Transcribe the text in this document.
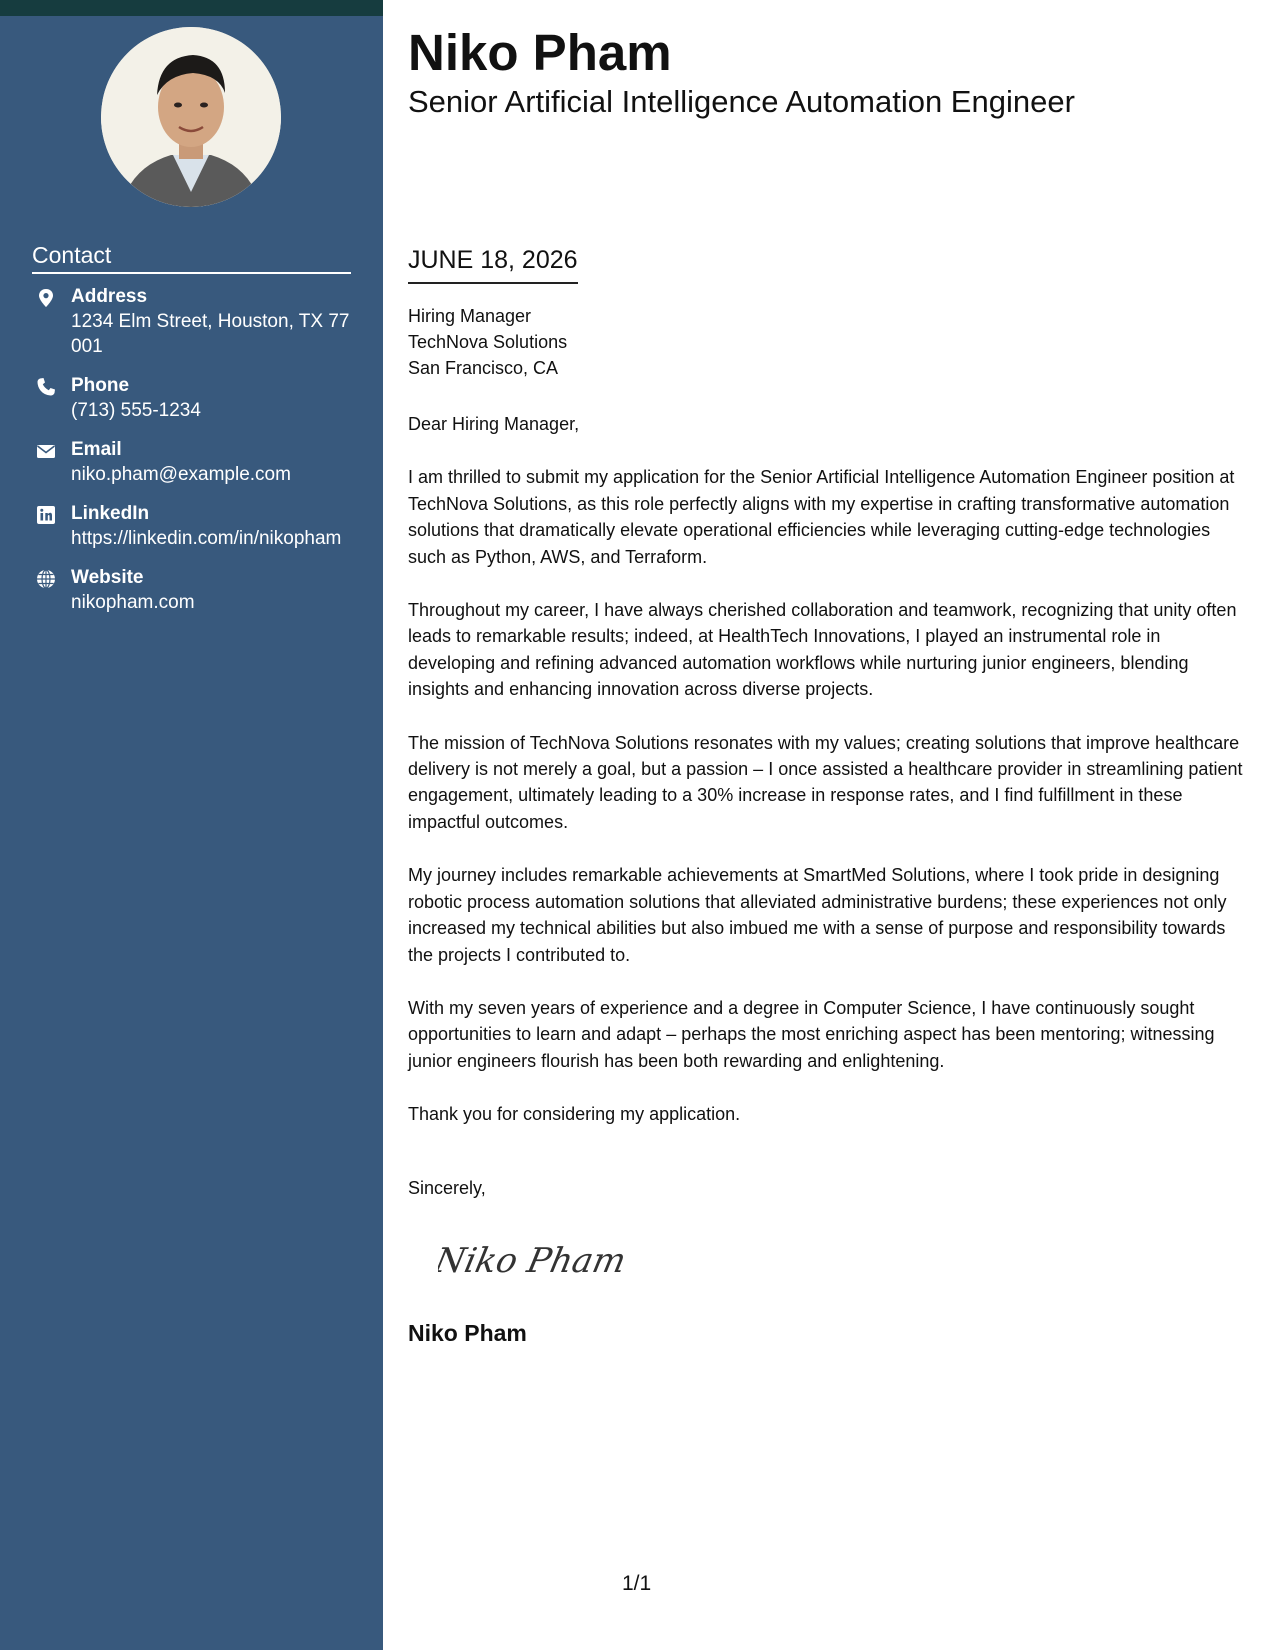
Contact
Address
1234 Elm Street, Houston, TX 77001
Phone
(713) 555-1234
Email
niko.pham@example.com
LinkedIn
https://linkedin.com/in/nikopham
Website
nikopham.com
Niko Pham
Senior Artificial Intelligence Automation Engineer
JUNE 18, 2026
Hiring Manager
TechNova Solutions
San Francisco, CA

Dear Hiring Manager,

I am thrilled to submit my application for the Senior Artificial Intelligence Automation Engineer position at TechNova Solutions, as this role perfectly aligns with my expertise in crafting transformative automation solutions that dramatically elevate operational efficiencies while leveraging cutting-edge technologies such as Python, AWS, and Terraform.

Throughout my career, I have always cherished collaboration and teamwork, recognizing that unity often leads to remarkable results; indeed, at HealthTech Innovations, I played an instrumental role in developing and refining advanced automation workflows while nurturing junior engineers, blending insights and enhancing innovation across diverse projects.

The mission of TechNova Solutions resonates with my values; creating solutions that improve healthcare delivery is not merely a goal, but a passion – I once assisted a healthcare provider in streamlining patient engagement, ultimately leading to a 30% increase in response rates, and I find fulfillment in these impactful outcomes.

My journey includes remarkable achievements at SmartMed Solutions, where I took pride in designing robotic process automation solutions that alleviated administrative burdens; these experiences not only increased my technical abilities but also imbued me with a sense of purpose and responsibility towards the projects I contributed to.

With my seven years of experience and a degree in Computer Science, I have continuously sought opportunities to learn and adapt – perhaps the most enriching aspect has been mentoring; witnessing junior engineers flourish has been both rewarding and enlightening.

Thank you for considering my application.

Sincerely,
Niko Pham
Niko Pham
1/1
